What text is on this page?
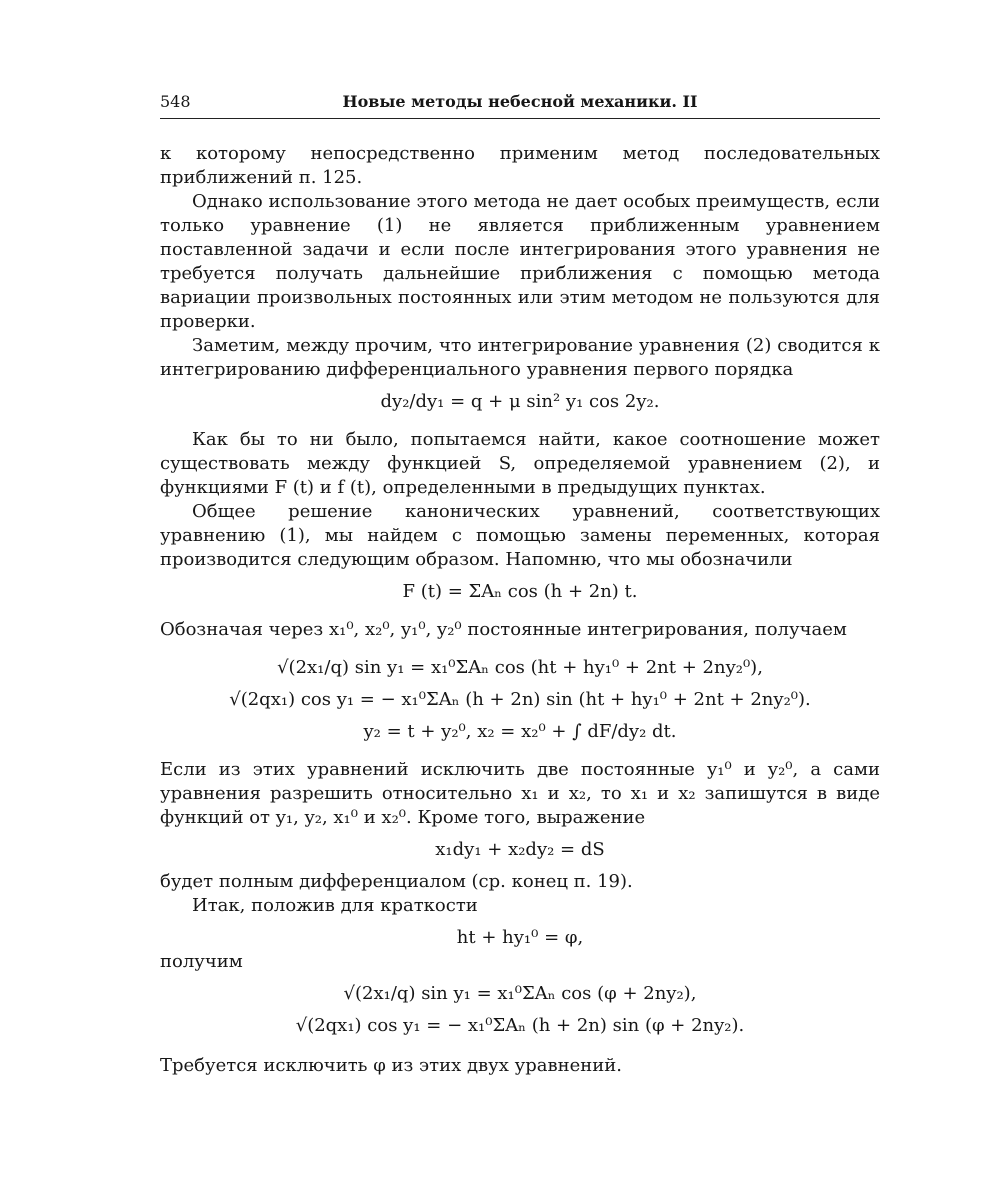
548	Новые методы небесной механики. II

к которому непосредственно применим метод последовательных приближений п. 125.

Однако использование этого метода не дает особых преимуществ, если только уравнение (1) не является приближенным уравнением поставленной задачи и если после интегрирования этого уравнения не требуется получать дальнейшие приближения с помощью метода вариации произвольных постоянных или этим методом не пользуются для проверки.

Заметим, между прочим, что интегрирование уравнения (2) сводится к интегрированию дифференциального уравнения первого порядка

dy₂/dy₁ = q + μ sin² y₁ cos 2y₂.

Как бы то ни было, попытаемся найти, какое соотношение может существовать между функцией S, определяемой уравнением (2), и функциями F (t) и f (t), определенными в предыдущих пунктах.

Общее решение канонических уравнений, соответствующих уравнению (1), мы найдем с помощью замены переменных, которая производится следующим образом. Напомню, что мы обозначили

F (t) = ΣAₙ cos (h + 2n) t.

Обозначая через x₁⁰, x₂⁰, y₁⁰, y₂⁰ постоянные интегрирования, получаем

√(2x₁/q) sin y₁ = x₁⁰ΣAₙ cos (ht + hy₁⁰ + 2nt + 2ny₂⁰),
√(2qx₁) cos y₁ = − x₁⁰ΣAₙ (h + 2n) sin (ht + hy₁⁰ + 2nt + 2ny₂⁰).
y₂ = t + y₂⁰, x₂ = x₂⁰ + ∫ dF/dy₂ dt.

Если из этих уравнений исключить две постоянные y₁⁰ и y₂⁰, а сами уравнения разрешить относительно x₁ и x₂, то x₁ и x₂ запишутся в виде функций от y₁, y₂, x₁⁰ и x₂⁰. Кроме того, выражение

x₁dy₁ + x₂dy₂ = dS

будет полным дифференциалом (ср. конец п. 19).

Итак, положив для краткости

ht + hy₁⁰ = φ,

получим

√(2x₁/q) sin y₁ = x₁⁰ΣAₙ cos (φ + 2ny₂),
√(2qx₁) cos y₁ = − x₁⁰ΣAₙ (h + 2n) sin (φ + 2ny₂).

Требуется исключить φ из этих двух уравнений.
